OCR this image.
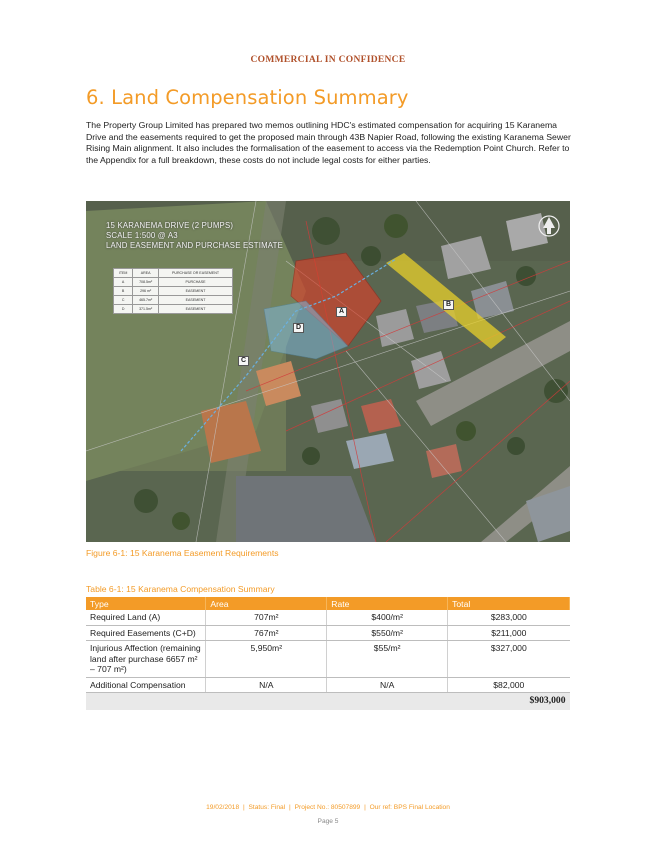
COMMERCIAL IN CONFIDENCE
6. Land Compensation Summary

The Property Group Limited has prepared two memos outlining HDC's estimated compensation for acquiring 15 Karanema Drive and the easements required to get the proposed main through 43B Napier Road, following the existing Karanema Sewer Rising Main alignment. It also includes the formalisation of the easement to access via the Redemption Point Church. Refer to the Appendix for a full breakdown, these costs do not include legal costs for either parties.

15 KARANEMA DRIVE (2 PUMPS)
SCALE 1:500 @ A3
LAND EASEMENT AND PURCHASE ESTIMATE
ITEM	AREA	PURCHASE OR EASEMENT
A	708.5m²	PURCHASE
B	296 m²	EASEMENT
C	465.7m²	EASEMENT
D	371.5m²	EASEMENT	A
B
C
D

Figure 6-1: 15 Karanema Easement Requirements

Table 6-1: 15 Karanema Compensation Summary

Type	Area	Rate	Total
Required Land (A)	707m²	$400/m²	$283,000
Required Easements (C+D)	767m²	$550/m²	$211,000
Injurious Affection (remaining land after purchase 6657 m² – 707 m²)	5,950m²	$55/m²	$327,000
Additional Compensation	N/A	N/A	$82,000
$903,000			
19/02/2018 | Status: Final | Project No.: 80507899 | Our ref: BPS Final Location
Page 5
